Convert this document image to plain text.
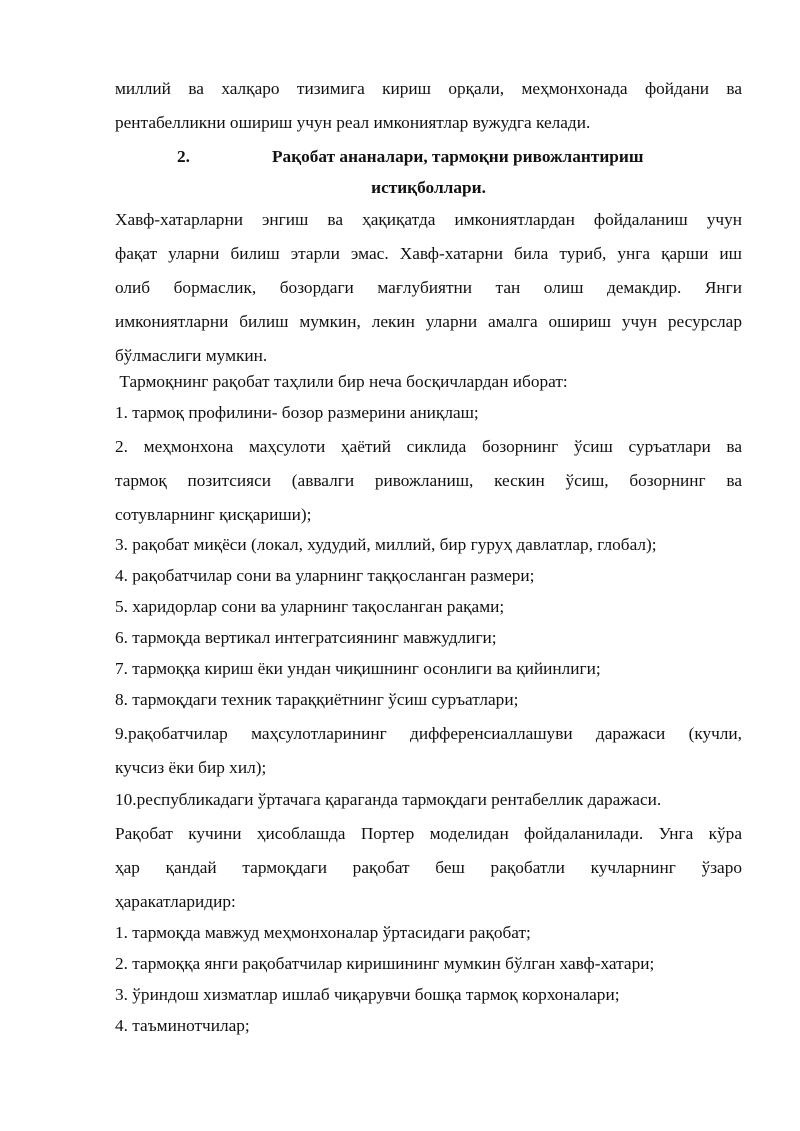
миллий ва халқаро тизимига кириш орқали, меҳмонхонада фойдани ва
рентабелликни ошириш учун реал имкониятлар вужудга келади.
2.	Рақобат ананалари, тармоқни ривожлантириш
истиқболлари.
Хавф-хатарларни энгиш ва ҳақиқатда имкониятлардан фойдаланиш учун
фақат уларни билиш этарли эмас. Хавф-хатарни била туриб, унга қарши иш
олиб бормаслик, бозордаги мағлубиятни тан олиш демакдир. Янги
имкониятларни билиш мумкин, лекин уларни амалга ошириш учун ресурслар
бўлмаслиги мумкин.
Тармоқнинг рақобат таҳлили бир неча босқичлардан иборат:
1. тармоқ профилини- бозор размерини аниқлаш;
2. меҳмонхона маҳсулоти ҳаётий сиклида бозорнинг ўсиш суръатлари ва
тармоқ позитсияси (аввалги ривожланиш, кескин ўсиш, бозорнинг ва
сотувларнинг қисқариши);
3. рақобат миқёси (локал, худудий, миллий, бир гуруҳ давлатлар, глобал);
4. рақобатчилар сони ва уларнинг таққосланган размери;
5. харидорлар сони ва уларнинг тақосланган рақами;
6. тармоқда вертикал интегратсиянинг мавжудлиги;
7. тармоққа кириш ёки ундан чиқишнинг осонлиги ва қийинлиги;
8. тармоқдаги техник тараққиётнинг ўсиш суръатлари;
9.рақобатчилар маҳсулотларининг дифференсиаллашуви даражаси (кучли,
кучсиз ёки бир хил);
10.республикадаги ўртачага қараганда тармоқдаги рентабеллик даражаси.
Рақобат кучини ҳисоблашда Портер моделидан фойдаланилади. Унга кўра
ҳар қандай тармоқдаги рақобат беш рақобатли кучларнинг ўзаро
ҳаракатларидир:
1. тармоқда мавжуд меҳмонхоналар ўртасидаги рақобат;
2. тармоққа янги рақобатчилар киришининг мумкин бўлган хавф-хатари;
3. ўриндош хизматлар ишлаб чиқарувчи бошқа тармоқ корхоналари;
4. таъминотчилар;
